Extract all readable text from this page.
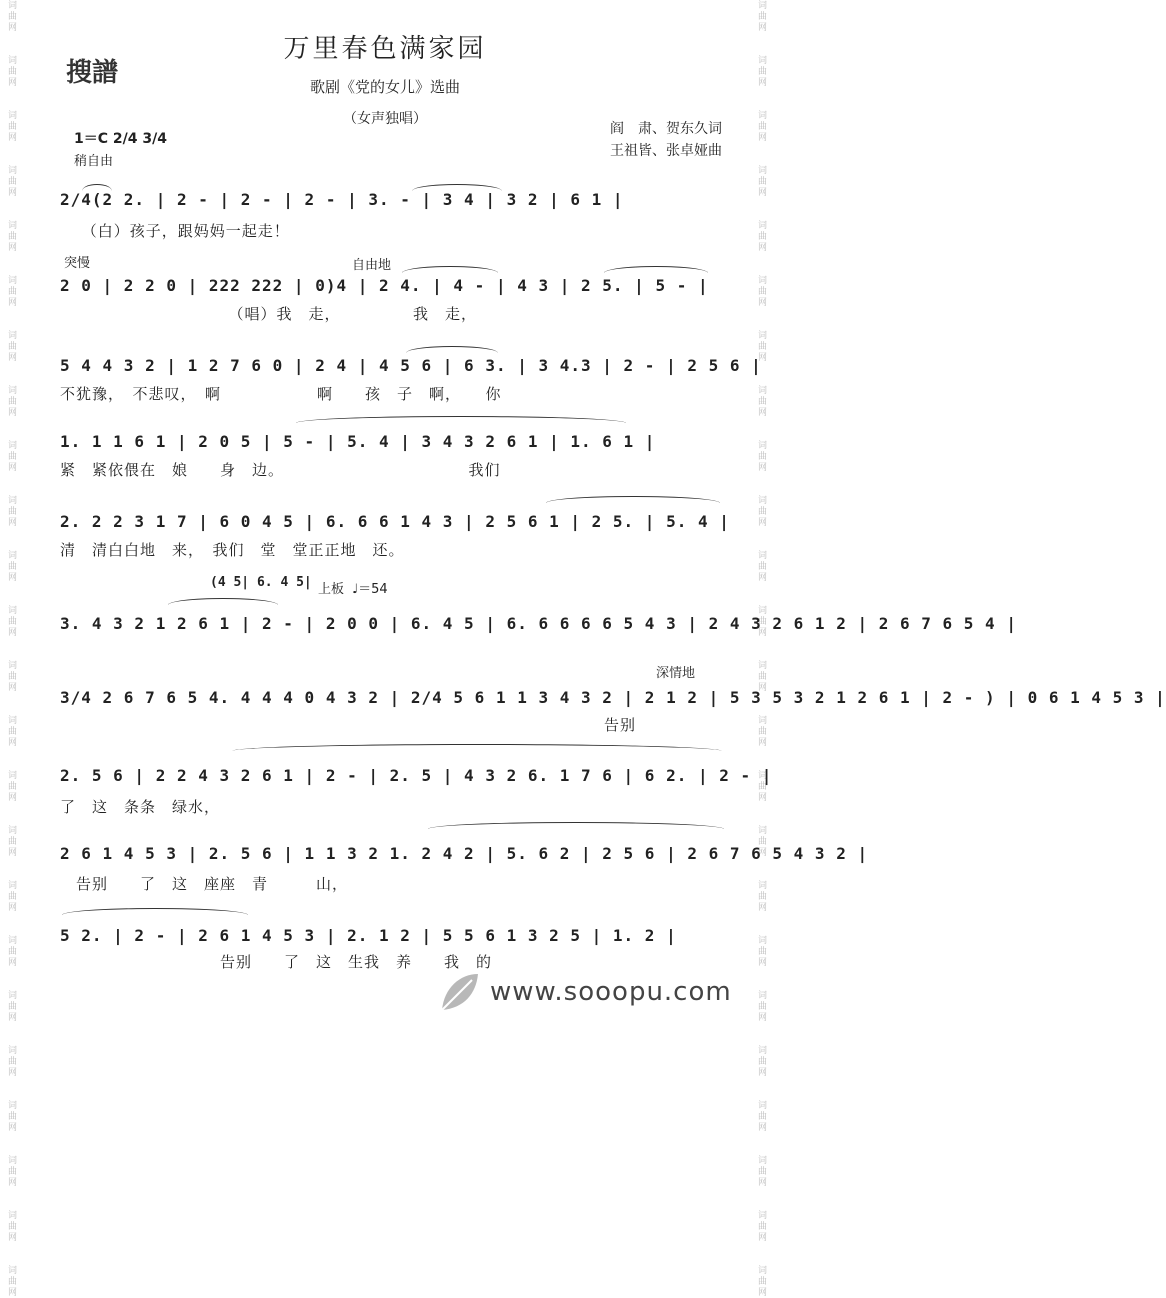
词曲网　　词曲网　　词曲网　　词曲网　　词曲网　　词曲网　　词曲网　　词曲网　　词曲网　　词曲网　　词曲网　　词曲网　　词曲网　　词曲网　　词曲网　　词曲网　　词曲网　　词曲网　　词曲网　　词曲网　　词曲网　　词曲网　　词曲网　　词曲网	词曲网　　词曲网　　词曲网　　词曲网　　词曲网　　词曲网　　词曲网　　词曲网　　词曲网　　词曲网　　词曲网　　词曲网　　词曲网　　词曲网　　词曲网　　词曲网　　词曲网　　词曲网　　词曲网　　词曲网　　词曲网　　词曲网　　词曲网　　词曲网
搜譜
万里春色满家园
歌剧《党的女儿》选曲
（女声独唱）
阎　肃、贺东久词
王祖皆、张卓娅曲
1＝C 2/4 3/4
稍自由
突慢	自由地
上板 ♩＝54
深情地
(4 5| 6. 4 5|
2/4(2 2. | 2 - | 2 - | 2 - | 3. - | 3 4 | 3 2 | 6 1 |
　 （白）孩子，跟妈妈一起走！
2 0 | 2 2 0 | 222 222 | 0)4 | 2 4. | 4 - | 4 3 | 2 5. | 5 - |
　　　　　　　　　　　（唱）我　走，　　　　　我　走，
5 4 4 3 2 | 1 2 7 6 0 | 2 4 | 4 5 6 | 6 3. | 3 4.3 | 2 - | 2 5 6 |
不犹豫，　不悲叹，　啊　　　　　　啊　　孩　子　啊，　　你
1. 1 1 6 1 | 2 0 5 | 5 - | 5. 4 | 3 4 3 2 6 1 | 1. 6 1 |
紧　紧依偎在　娘　　身　边。　　　　　　　　　　　　我们
2. 2 2 3 1 7 | 6 0 4 5 | 6. 6 6 1 4 3 | 2 5 6 1 | 2 5. | 5. 4 |
清　清白白地　来，　我们　堂　堂正正地　还。
3. 4 3 2 1 2 6 1 | 2 - | 2 0 0 | 6. 4 5 | 6. 6 6 6 6 5 4 3 | 2 4 3 2 6 1 2 | 2 6 7 6 5 4 |
3/4 2 6 7 6 5 4. 4 4 4 0 4 3 2 | 2/4 5 6 1 1 3 4 3 2 | 2 1 2 | 5 3 5 3 2 1 2 6 1 | 2 - ) | 0 6 1 4 5 3 |
　　　　　　　　　　　　　　　　　　　　　　　　　　　　　　　　　　告别
2. 5 6 | 2 2 4 3 2 6 1 | 2 - | 2. 5 | 4 3 2 6. 1 7 6 | 6 2. | 2 - |
了　这　条条　绿水，
2 6 1 4 5 3 | 2. 5 6 | 1 1 3 2 1. 2 4 2 | 5. 6 2 | 2 5 6 | 2 6 7 6 5 4 3 2 |
　告别　　了　这　座座　青　　　山，
5 2. | 2 - | 2 6 1 4 5 3 | 2. 1 2 | 5 5 6 1 3 2 5 | 1. 2 |
　　　　　　　　　　告别　　了　这　生我　养　　我　的
www.sooopu.com
